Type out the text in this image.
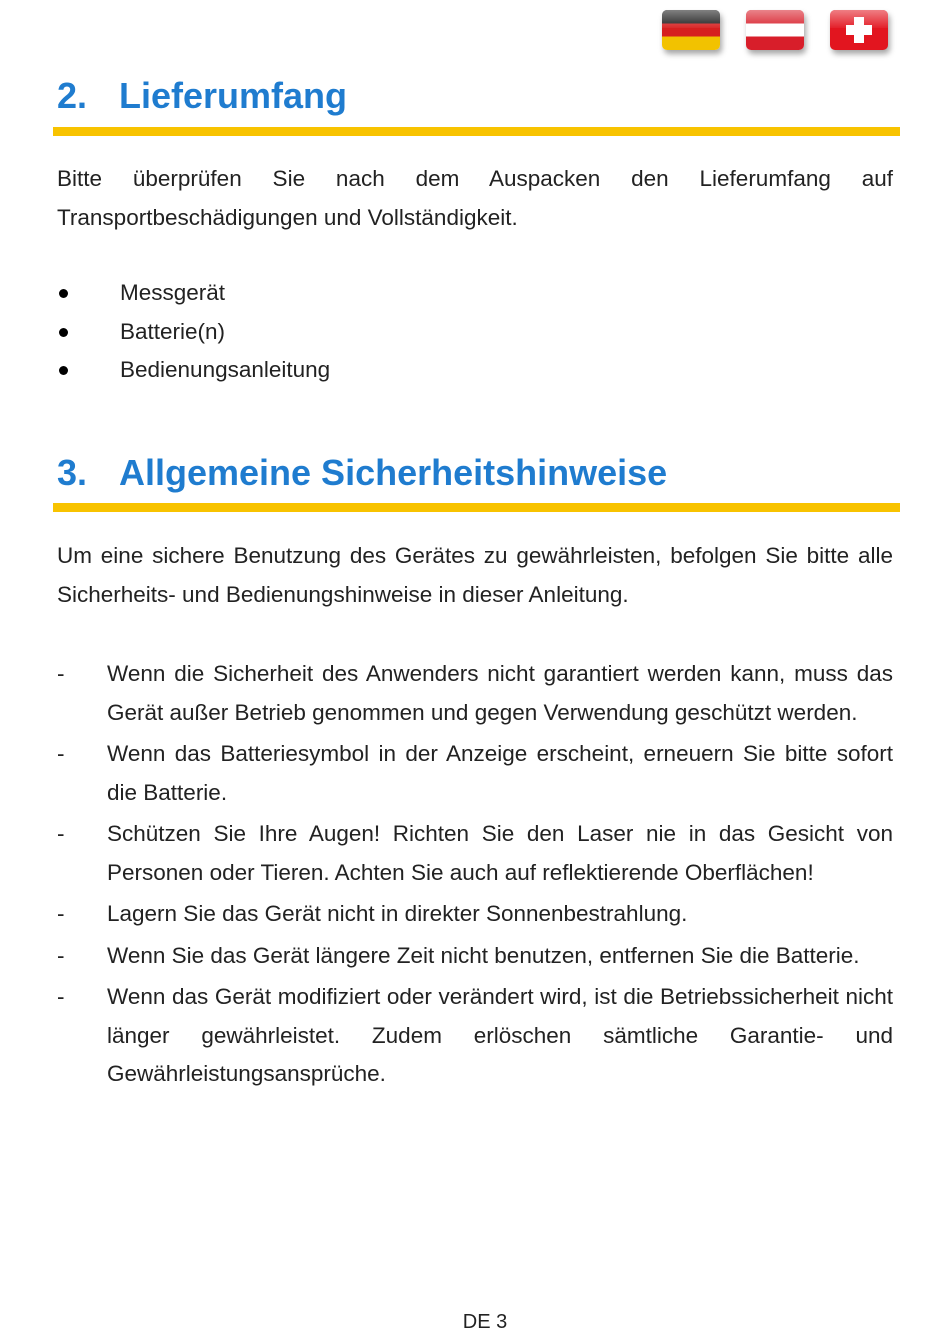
2. Lieferumfang

Bitte überprüfen Sie nach dem Auspacken den Lieferumfang auf Transportbeschädigungen und Vollständigkeit.

Messgerät
Batterie(n)
Bedienungsanleitung
3. Allgemeine Sicherheitshinweise

Um eine sichere Benutzung des Gerätes zu gewährleisten, befolgen Sie bitte alle Sicherheits- und Bedienungshinweise in dieser Anleitung.

- Wenn die Sicherheit des Anwenders nicht garantiert werden kann, muss das Gerät außer Betrieb genommen und gegen Verwendung geschützt werden.
- Wenn das Batteriesymbol in der Anzeige erscheint, erneuern Sie bitte sofort die Batterie.
- Schützen Sie Ihre Augen! Richten Sie den Laser nie in das Gesicht von Personen oder Tieren. Achten Sie auch auf reflektierende Oberflächen!
- Lagern Sie das Gerät nicht in direkter Sonnenbestrahlung.
- Wenn Sie das Gerät längere Zeit nicht benutzen, entfernen Sie die Batterie.
- Wenn das Gerät modifiziert oder verändert wird, ist die Betriebssicherheit nicht länger gewährleistet. Zudem erlöschen sämtliche Garantie- und Gewährleistungsansprüche.
DE 3
